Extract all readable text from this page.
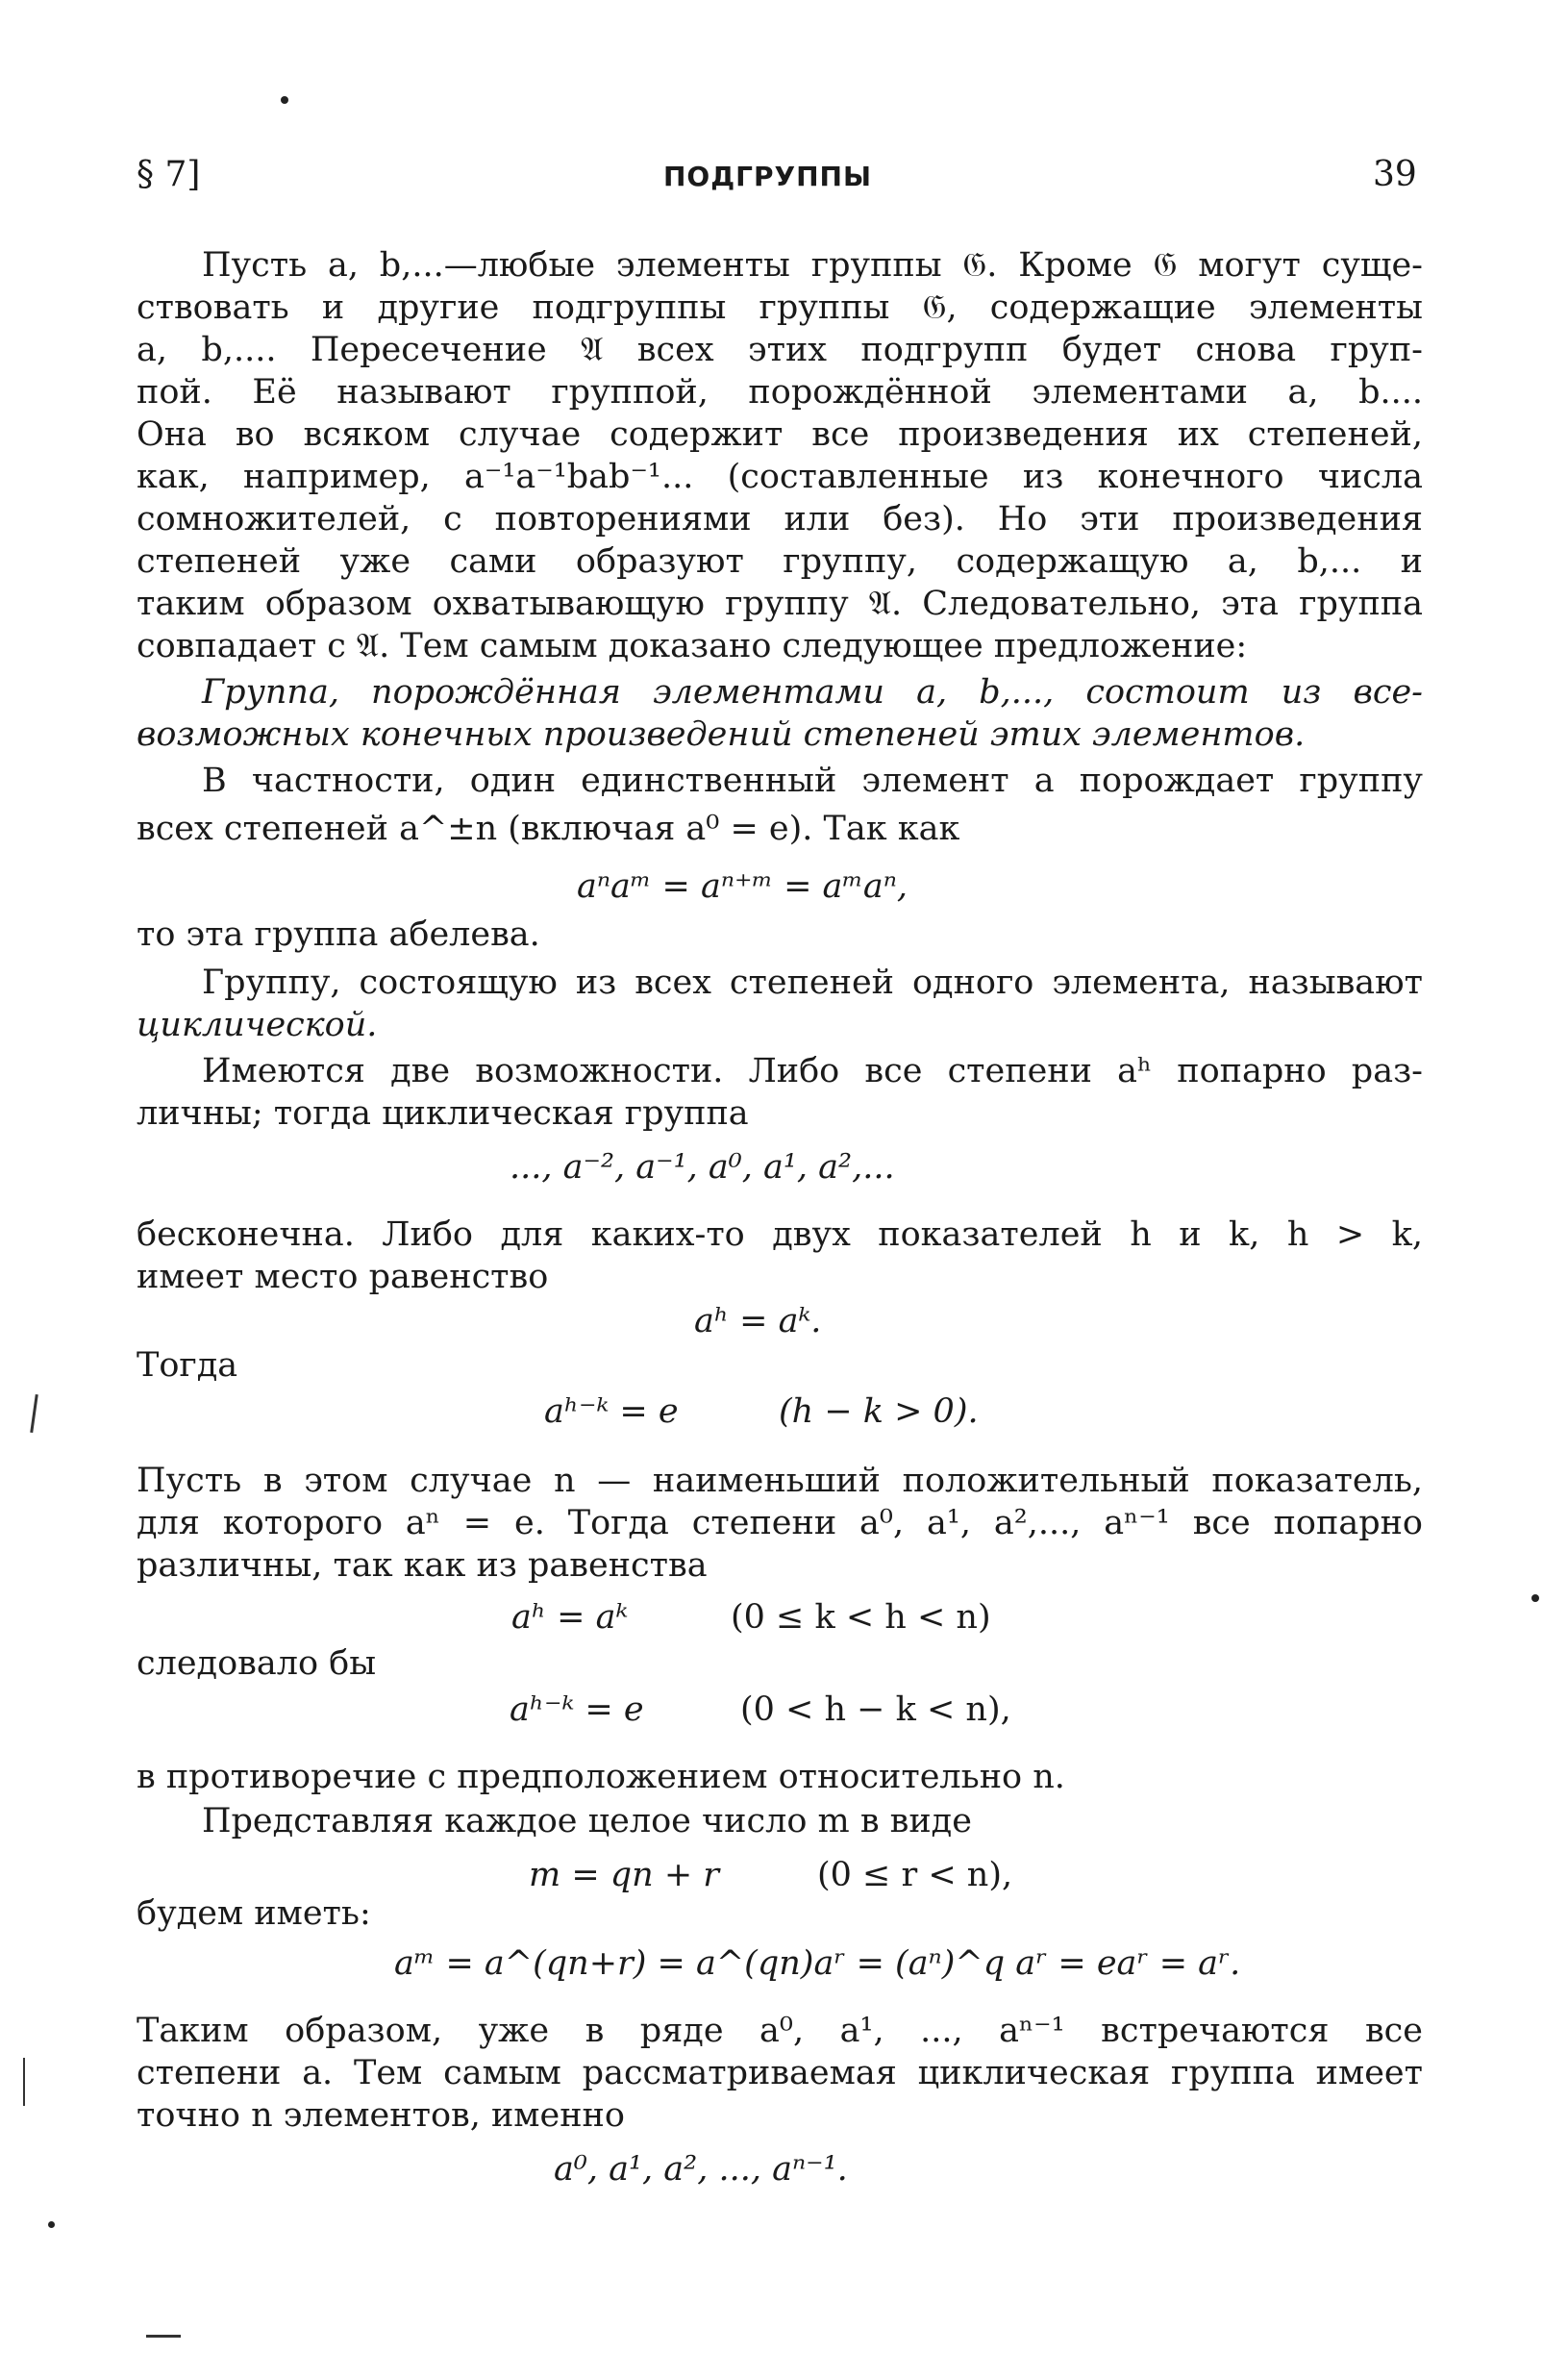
§ 7]	ПОДГРУППЫ	39
Пусть a, b,...—любые элементы группы 𝔊. Кроме 𝔊 могут суще-
ствовать и другие подгруппы группы 𝔊, содержащие элементы
a, b,.... Пересечение 𝔄 всех этих подгрупп будет снова груп-
пой. Её называют группой, порождённой элементами a, b....
Она во всяком случае содержит все произведения их степеней,
как, например, a⁻¹a⁻¹bab⁻¹... (составленные из конечного числа
сомножителей, с повторениями или без). Но эти произведения
степеней уже сами образуют группу, содержащую a, b,... и
таким образом охватывающую группу 𝔄. Следовательно, эта группа
совпадает с 𝔄. Тем самым доказано следующее предложение:
Группа, порождённая элементами a, b,..., состоит из все-
возможных конечных произведений степеней этих элементов.
В частности, один единственный элемент a порождает группу
всех степеней a^±n (включая a⁰ = e). Так как
aⁿaᵐ = aⁿ⁺ᵐ = aᵐaⁿ,
то эта группа абелева.
Группу, состоящую из всех степеней одного элемента, называют
циклической.
Имеются две возможности. Либо все степени aʰ попарно раз-
личны; тогда циклическая группа
..., a⁻², a⁻¹, a⁰, a¹, a²,...
бесконечна. Либо для каких-то двух показателей h и k, h > k,
имеет место равенство
aʰ = aᵏ.
Тогда
aʰ⁻ᵏ = e	(h − k > 0).
Пусть в этом случае n — наименьший положительный показатель,
для которого aⁿ = e. Тогда степени a⁰, a¹, a²,..., aⁿ⁻¹ все попарно
различны, так как из равенства
aʰ = aᵏ	(0 ≤ k < h < n)
следовало бы
aʰ⁻ᵏ = e	(0 < h − k < n),
в противоречие с предположением относительно n.
Представляя каждое целое число m в виде
m = qn + r	(0 ≤ r < n),
будем иметь:
aᵐ = a^(qn+r) = a^(qn)aʳ = (aⁿ)^q aʳ = eaʳ = aʳ.
Таким образом, уже в ряде a⁰, a¹, ..., aⁿ⁻¹ встречаются все
степени a. Тем самым рассматриваемая циклическая группа имеет
точно n элементов, именно
a⁰, a¹, a², ..., aⁿ⁻¹.
